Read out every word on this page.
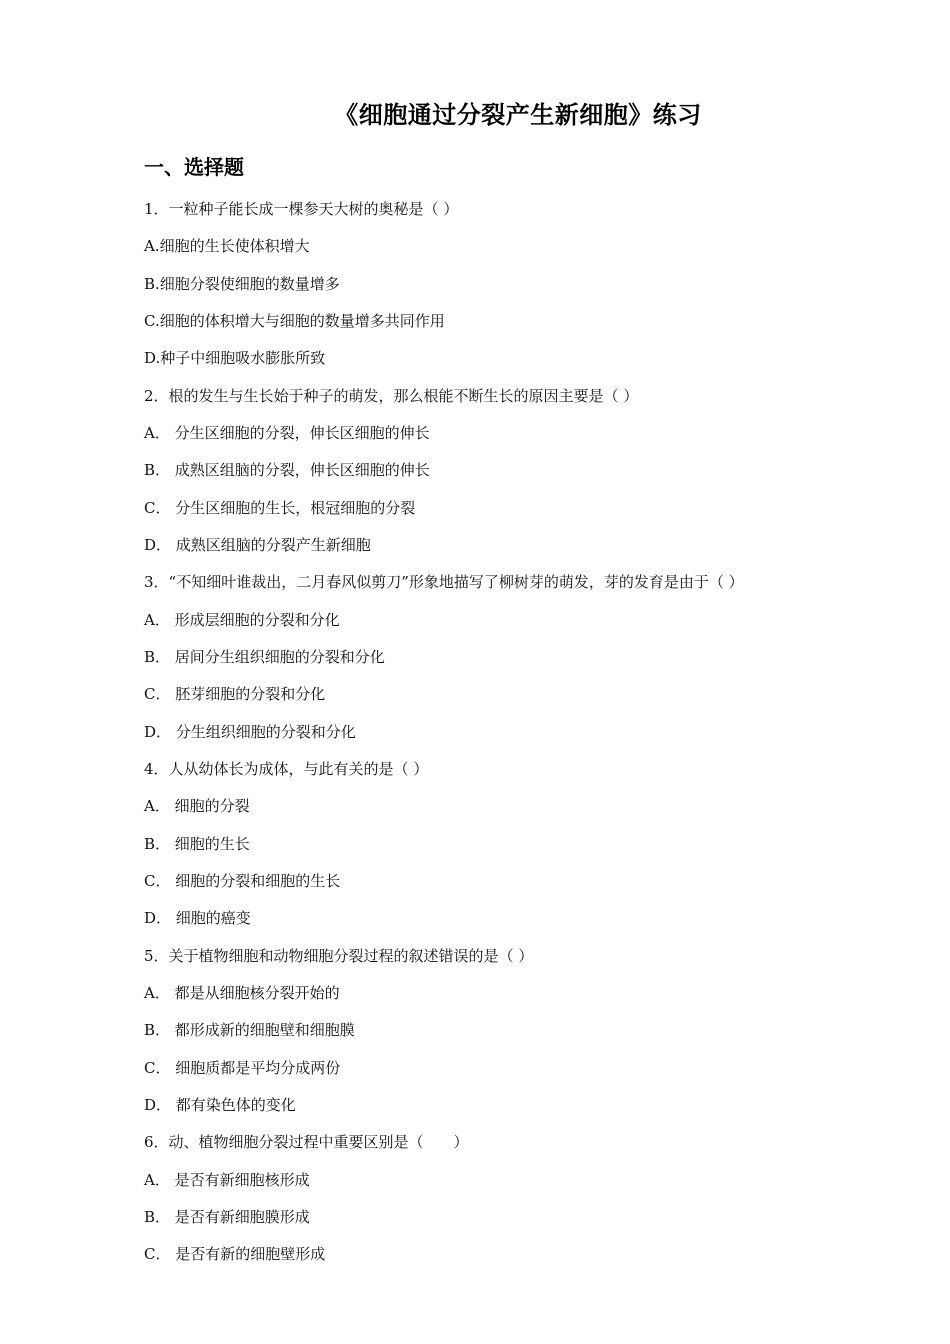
《细胞通过分裂产生新细胞》练习
一、选择题
1．一粒种子能长成一棵参天大树的奥秘是（ ）
A.细胞的生长使体积增大
B.细胞分裂使细胞的数量增多
C.细胞的体积增大与细胞的数量增多共同作用
D.种子中细胞吸水膨胀所致
2．根的发生与生长始于种子的萌发，那么根能不断生长的原因主要是（ ）
A． 分生区细胞的分裂，伸长区细胞的伸长
B． 成熟区组脑的分裂，伸长区细胞的伸长
C． 分生区细胞的生长，根冠细胞的分裂
D． 成熟区组脑的分裂产生新细胞
3．“不知细叶谁裁出，二月春风似剪刀”形象地描写了柳树芽的萌发，芽的发育是由于（ ）
A． 形成层细胞的分裂和分化
B． 居间分生组织细胞的分裂和分化
C． 胚芽细胞的分裂和分化
D． 分生组织细胞的分裂和分化
4．人从幼体长为成体，与此有关的是（ ）
A． 细胞的分裂
B． 细胞的生长
C． 细胞的分裂和细胞的生长
D． 细胞的癌变
5．关于植物细胞和动物细胞分裂过程的叙述错误的是（ ）
A． 都是从细胞核分裂开始的
B． 都形成新的细胞壁和细胞膜
C． 细胞质都是平均分成两份
D． 都有染色体的变化
6．动、植物细胞分裂过程中重要区别是（　　）
A． 是否有新细胞核形成
B． 是否有新细胞膜形成
C． 是否有新的细胞壁形成
